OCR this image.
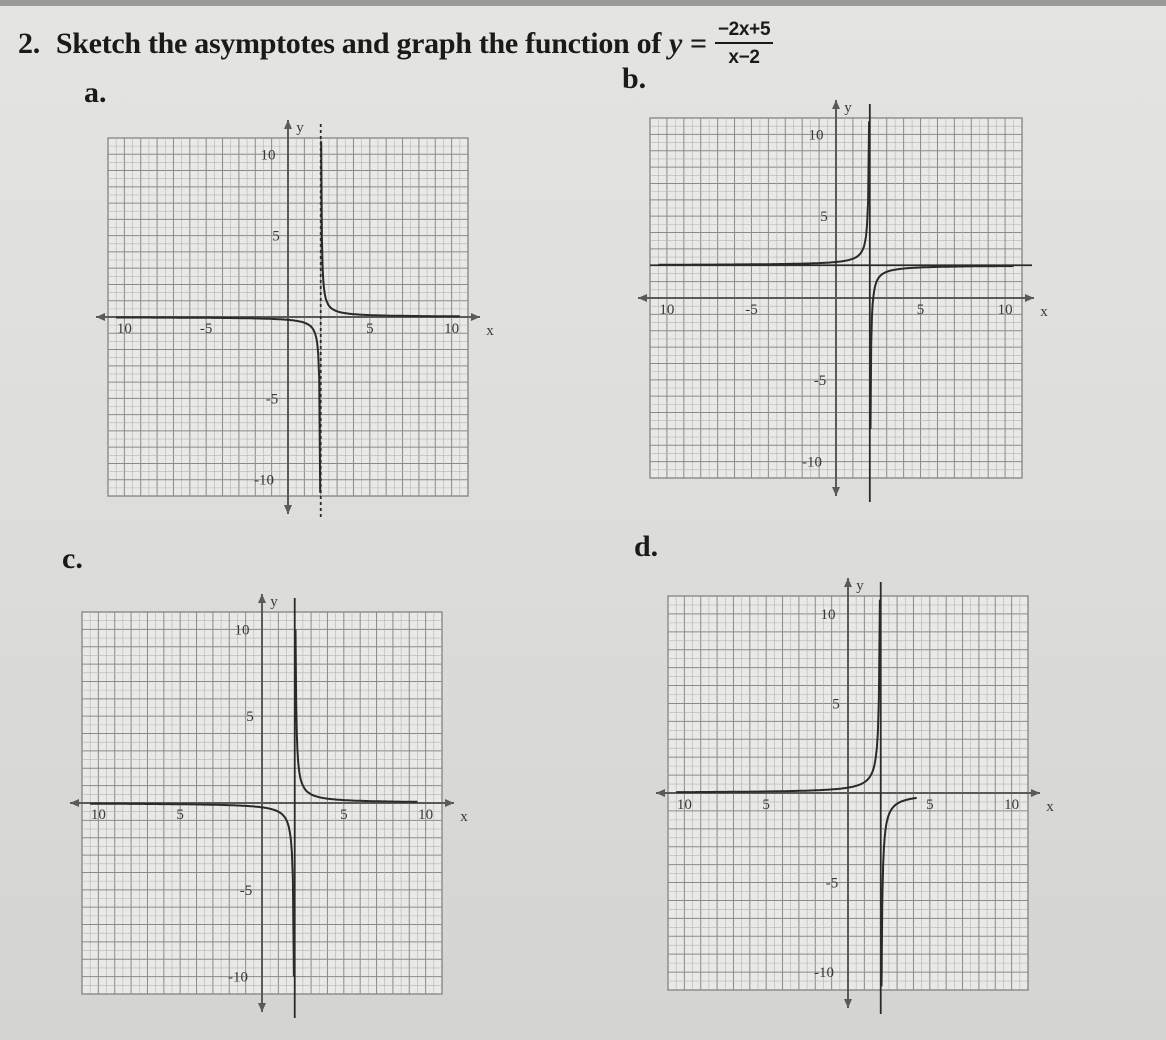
2. Sketch the asymptotes and graph the function of $y = \frac{-2x+5}{x-2}$
a.	b.
c.	d.
10	-5	5	10 x
y
10
5
-5
-10
10	-5	5	10 x
y
10
5
-5
-10
10	5	5	10 x
y
10
5
-5
-10
10	5	5	10 x
y
10
5
-5
-10
